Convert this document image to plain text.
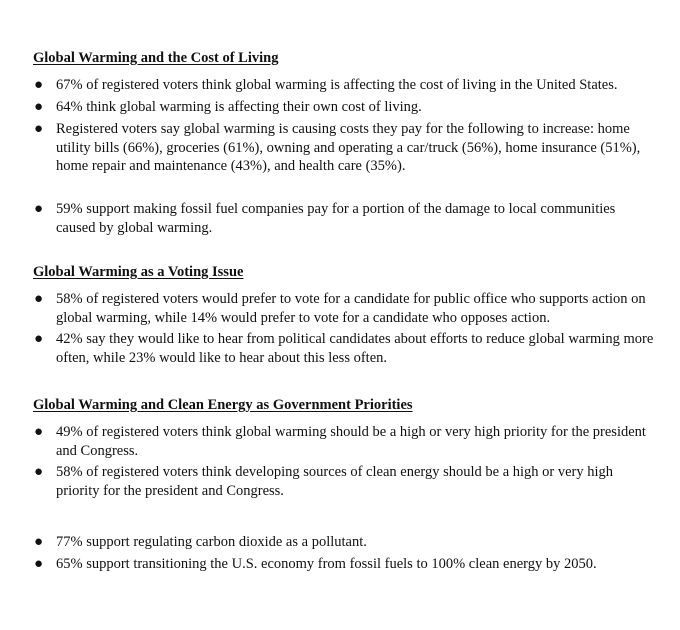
Global Warming and the Cost of Living
● 67% of registered voters think global warming is affecting the cost of living in the United States.
● 64% think global warming is affecting their own cost of living.
● Registered voters say global warming is causing costs they pay for the following to increase: home utility bills (66%), groceries (61%), owning and operating a car/truck (56%), home insurance (51%), home repair and maintenance (43%), and health care (35%).
● 59% support making fossil fuel companies pay for a portion of the damage to local communities caused by global warming.
Global Warming as a Voting Issue
● 58% of registered voters would prefer to vote for a candidate for public office who supports action on global warming, while 14% would prefer to vote for a candidate who opposes action.
● 42% say they would like to hear from political candidates about efforts to reduce global warming more often, while 23% would like to hear about this less often.
Global Warming and Clean Energy as Government Priorities
● 49% of registered voters think global warming should be a high or very high priority for the president and Congress.
● 58% of registered voters think developing sources of clean energy should be a high or very high priority for the president and Congress.
● 77% support regulating carbon dioxide as a pollutant.
● 65% support transitioning the U.S. economy from fossil fuels to 100% clean energy by 2050.
